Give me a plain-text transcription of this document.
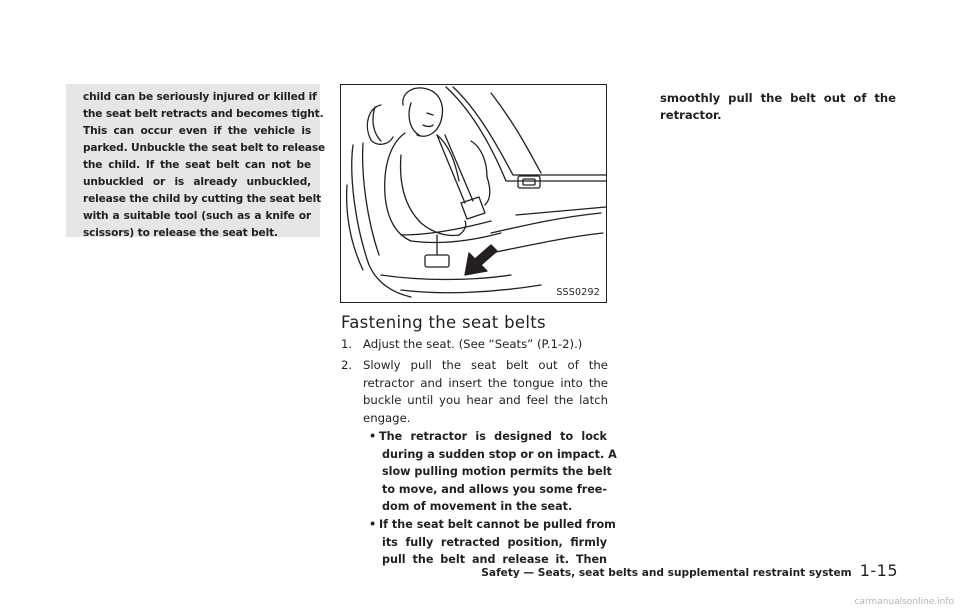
child can be seriously injured or killed if
the seat belt retracts and becomes tight.
This can occur even if the vehicle is
parked. Unbuckle the seat belt to release
the child. If the seat belt can not be
unbuckled or is already unbuckled,
release the child by cutting the seat belt
with a suitable tool (such as a knife or
scissors) to release the seat belt.
SSS0292
Fastening the seat belts
1. Adjust the seat. (See “Seats” (P.1-2).)
2. Slowly pull the seat belt out of the
retractor and insert the tongue into the
buckle until you hear and feel the latch
engage.
• The retractor is designed to lock
during a sudden stop or on impact. A
slow pulling motion permits the belt
to move, and allows you some free-
dom of movement in the seat.
• If the seat belt cannot be pulled from
its fully retracted position, firmly
pull the belt and release it. Then
smoothly pull the belt out of the
retractor.
Safety — Seats, seat belts and supplemental restraint system 1-15
carmanualsonline.info
